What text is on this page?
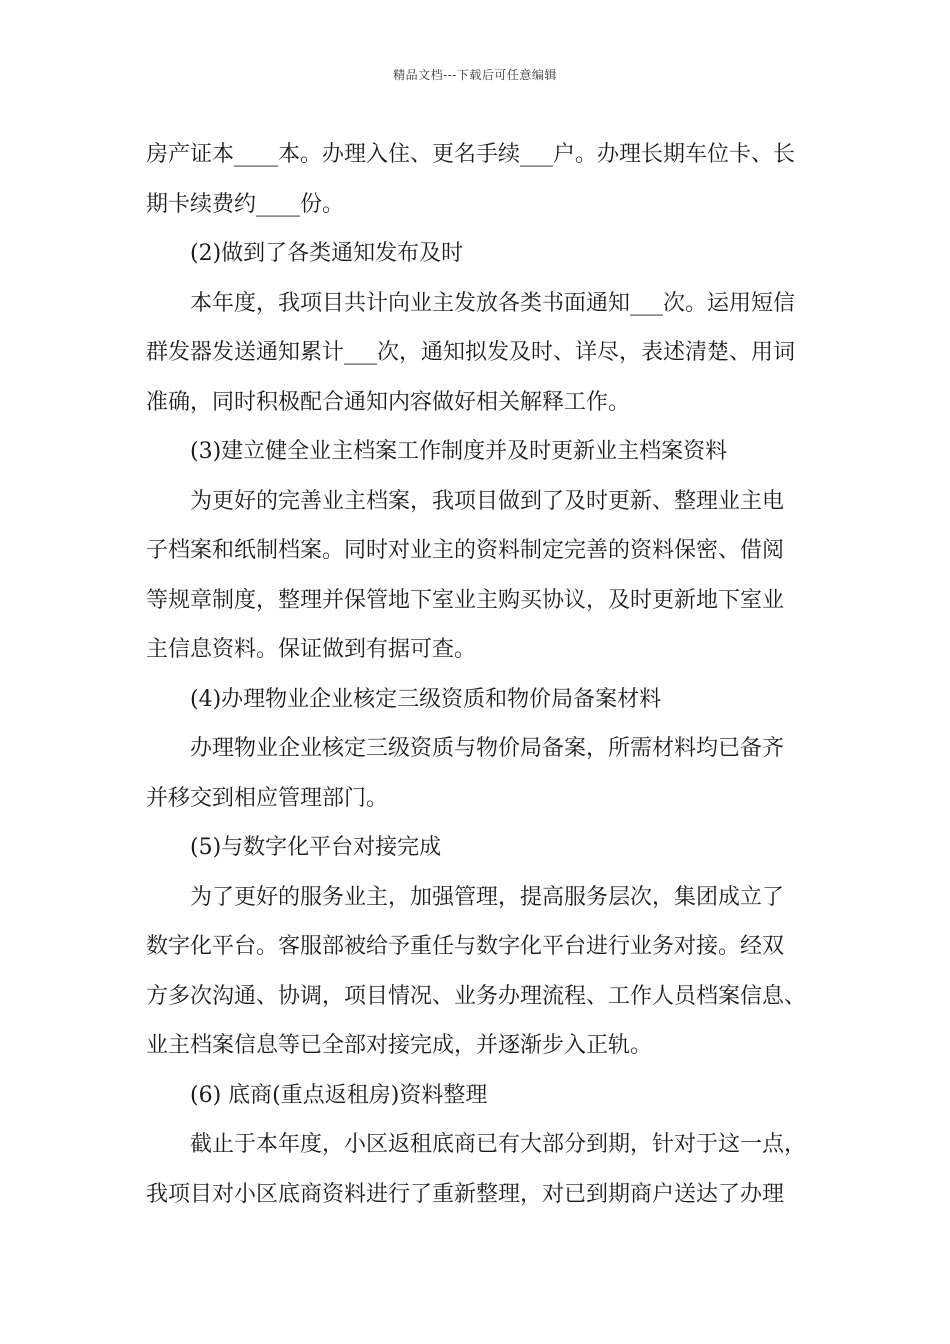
精品文档---下载后可任意编辑

房产证本____本。办理入住、更名手续___户。办理长期车位卡、长

期卡续费约____份。

(2)做到了各类通知发布及时

本年度，我项目共计向业主发放各类书面通知___次。运用短信

群发器发送通知累计___次，通知拟发及时、详尽，表述清楚、用词

准确，同时积极配合通知内容做好相关解释工作。

(3)建立健全业主档案工作制度并及时更新业主档案资料

为更好的完善业主档案，我项目做到了及时更新、整理业主电

子档案和纸制档案。同时对业主的资料制定完善的资料保密、借阅

等规章制度，整理并保管地下室业主购买协议，及时更新地下室业

主信息资料。保证做到有据可查。

(4)办理物业企业核定三级资质和物价局备案材料

办理物业企业核定三级资质与物价局备案，所需材料均已备齐

并移交到相应管理部门。

(5)与数字化平台对接完成

为了更好的服务业主，加强管理，提高服务层次，集团成立了

数字化平台。客服部被给予重任与数字化平台进行业务对接。经双

方多次沟通、协调，项目情况、业务办理流程、工作人员档案信息、

业主档案信息等已全部对接完成，并逐渐步入正轨。

(6) 底商(重点返租房)资料整理

截止于本年度，小区返租底商已有大部分到期，针对于这一点，

我项目对小区底商资料进行了重新整理，对已到期商户送达了办理
